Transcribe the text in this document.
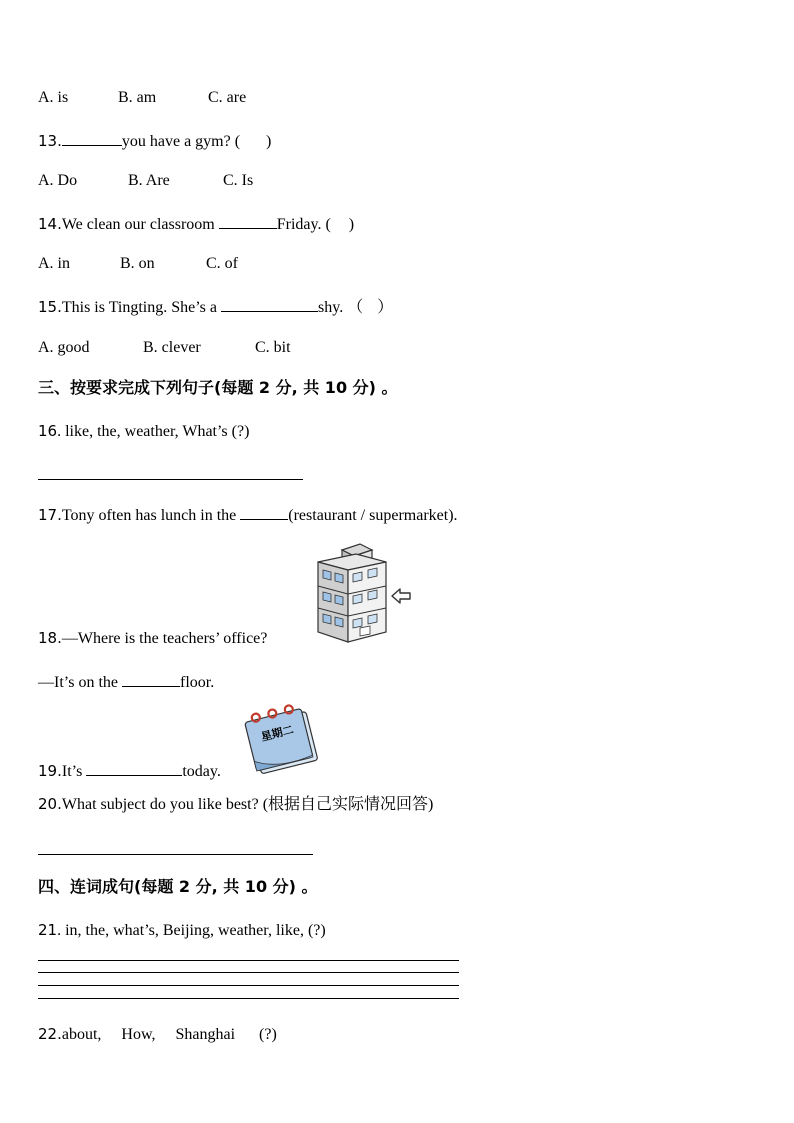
A. is	B. am	C. are
13.	you have a gym? ( )
A. Do	B. Are	C. Is
14.We clean our classroom	Friday. ( )
A. in	B. on	C. of
15.This is Tingting. She’s a	shy. （ ）
A. good	B. clever	C. bit
三、按要求完成下列句子(每题 2 分, 共 10 分) 。
16. like, the, weather, What’s (?)
17.Tony often has lunch in the	(restaurant / supermarket).
18.—Where is the teachers’ office?
—It’s on the	floor.
星期二
19.It’s	today.
20.What subject do you like best? (根据自己实际情况回答)
四、连词成句(每题 2 分, 共 10 分) 。
21. in, the, what’s, Beijing, weather, like, (?)
22.about,     How,     Shanghai      (?)
